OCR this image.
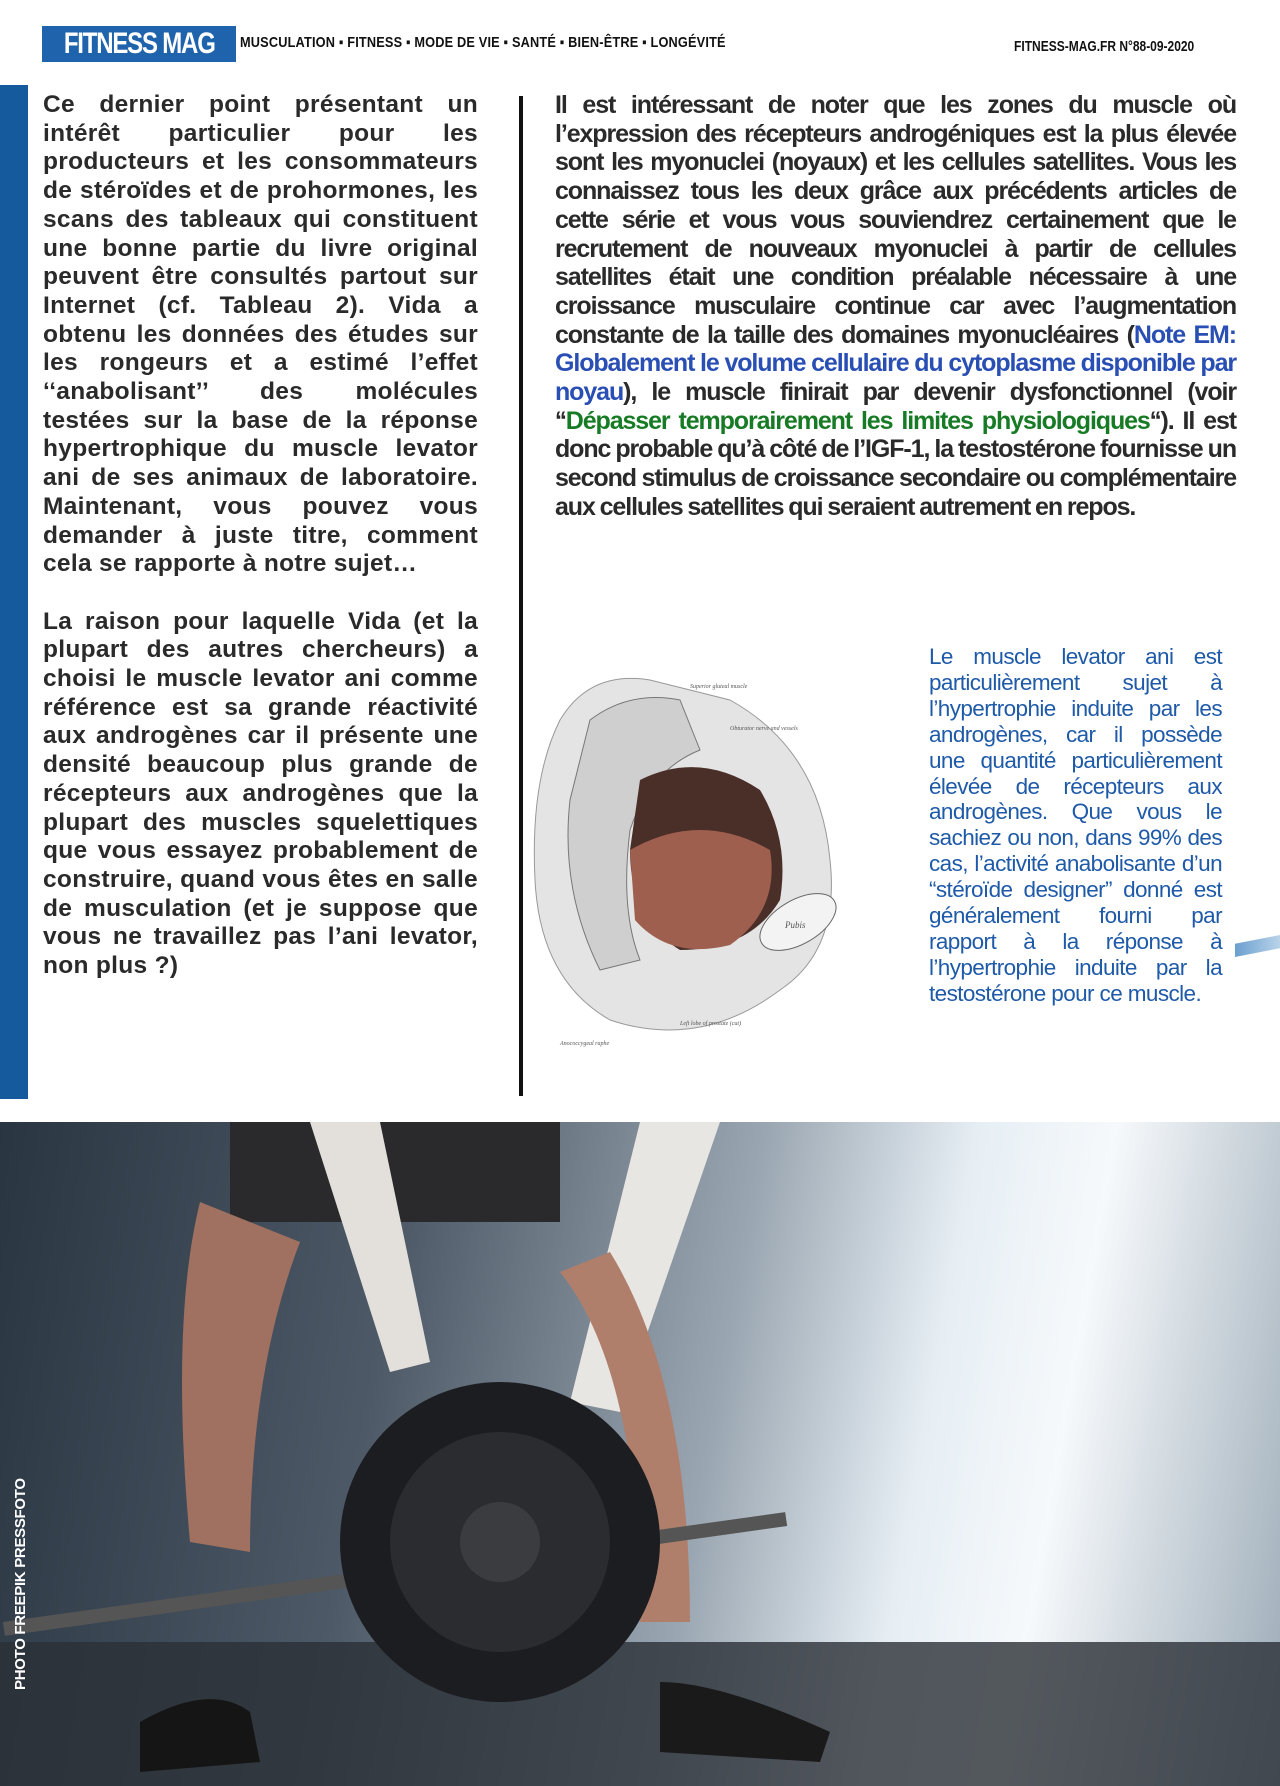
FITNESS MAG	MUSCULATION ▪ FITNESS ▪ MODE DE VIE ▪ SANTÉ ▪ BIEN-ÊTRE ▪ LONGÉVITÉ	FITNESS-MAG.FR N°88-09-2020

Ce dernier point présentant un intérêt particulier pour les producteurs et les consommateurs de stéroïdes et de prohormones, les scans des tableaux qui constituent une bonne partie du livre original peuvent être consultés partout sur Internet (cf. Tableau 2). Vida a obtenu les données des études sur les rongeurs et a estimé l’effet ‘‘anabolisant’’ des molécules testées sur la base de la réponse hypertrophique du muscle levator ani de ses animaux de laboratoire. Maintenant, vous pouvez vous demander à juste titre, comment cela se rapporte à notre sujet…

La raison pour laquelle Vida (et la plupart des autres chercheurs) a choisi le muscle levator ani comme référence est sa grande réactivité aux androgènes car il présente une densité beaucoup plus grande de récepteurs aux androgènes que la plupart des muscles squelettiques que vous essayez probablement de construire, quand vous êtes en salle de musculation (et je suppose que vous ne travaillez pas l’ani levator, non plus ?)

Il est intéressant de noter que les zones du muscle où l’expression des récepteurs androgéniques est la plus élevée sont les myonuclei (noyaux) et les cellules satellites. Vous les connaissez tous les deux grâce aux précédents articles de cette série et vous vous souviendrez certainement que le recrutement de nouveaux myonuclei à partir de cellules satellites était une condition préalable nécessaire à une croissance musculaire continue car avec l’augmentation constante de la taille des domaines myonucléaires (Note EM: Globalement le volume cellulaire du cytoplasme disponible par noyau), le muscle finirait par devenir dysfonctionnel (voir ‘‘Dépasser temporairement les limites physiologiques‘‘). Il est donc probable qu’à côté de l’IGF-1, la testostérone fournisse un second stimulus de croissance secondaire ou complémentaire aux cellules satellites qui seraient autrement en repos.
Pubis
Superior gluteal muscle
Obturator nerve and vessels
Left lobe of prostate (cut)
Anococcygeal raphe
Le muscle levator ani est particulièrement sujet à l’hypertrophie induite par les androgènes, car il possède une quantité particulièrement élevée de récepteurs aux androgènes. Que vous le sachiez ou non, dans 99% des cas, l’activité anabolisante d’un “stéroïde designer” donné est généralement fourni par rapport à la réponse à l’hypertrophie induite par la testostérone pour ce muscle.
PHOTO FREEPIK PRESSFOTO
